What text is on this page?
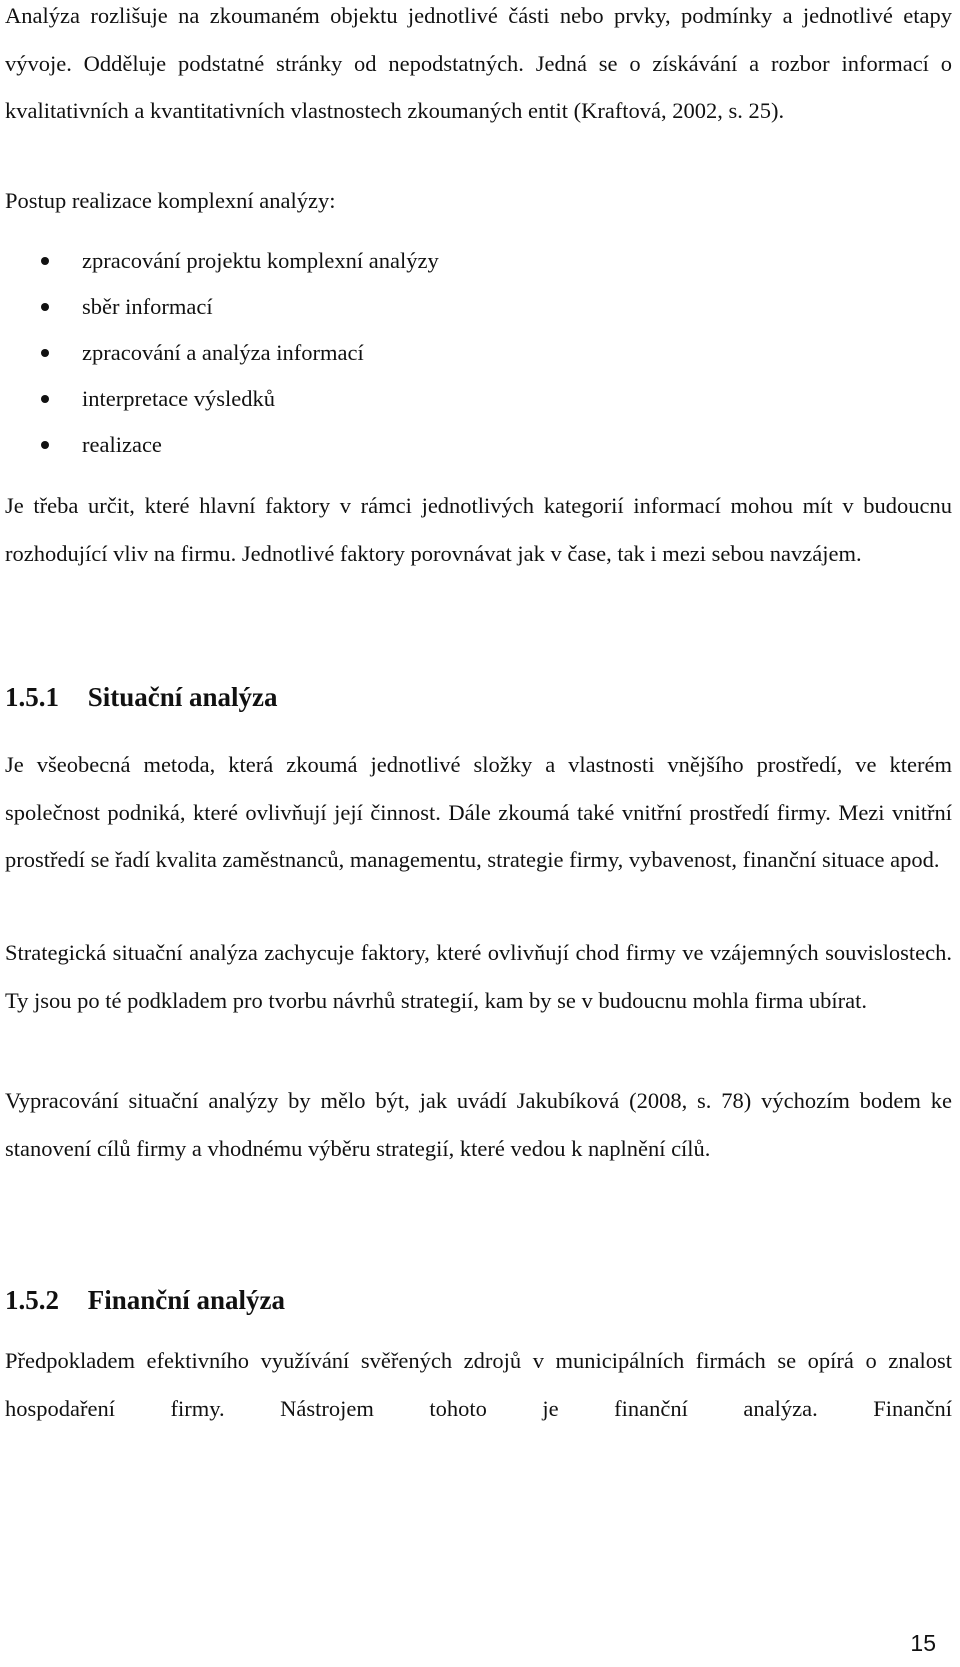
Analýza rozlišuje na zkoumaném objektu jednotlivé části nebo prvky, podmínky a jednotlivé etapy vývoje. Odděluje podstatné stránky od nepodstatných. Jedná se o získávání a rozbor informací o kvalitativních a kvantitativních vlastnostech zkoumaných entit (Kraftová, 2002, s. 25).

Postup realizace komplexní analýzy:

zpracování projektu komplexní analýzy
sběr informací
zpracování a analýza informací
interpretace výsledků
realizace

Je třeba určit, které hlavní faktory v rámci jednotlivých kategorií informací mohou mít v budoucnu rozhodující vliv na firmu. Jednotlivé faktory porovnávat jak v čase, tak i mezi sebou navzájem.

1.5.1 Situační analýza

Je všeobecná metoda, která zkoumá jednotlivé složky a vlastnosti vnějšího prostředí, ve kterém společnost podniká, které ovlivňují její činnost. Dále zkoumá také vnitřní prostředí firmy. Mezi vnitřní prostředí se řadí kvalita zaměstnanců, managementu, strategie firmy, vybavenost, finanční situace apod.

Strategická situační analýza zachycuje faktory, které ovlivňují chod firmy ve vzájemných souvislostech. Ty jsou po té podkladem pro tvorbu návrhů strategií, kam by se v budoucnu mohla firma ubírat.

Vypracování situační analýzy by mělo být, jak uvádí Jakubíková (2008, s. 78) výchozím bodem ke stanovení cílů firmy a vhodnému výběru strategií, které vedou k naplnění cílů.

1.5.2 Finanční analýza

Předpokladem efektivního využívání svěřených zdrojů v municipálních firmách se opírá o znalost hospodaření firmy. Nástrojem tohoto je finanční analýza. Finanční

15
